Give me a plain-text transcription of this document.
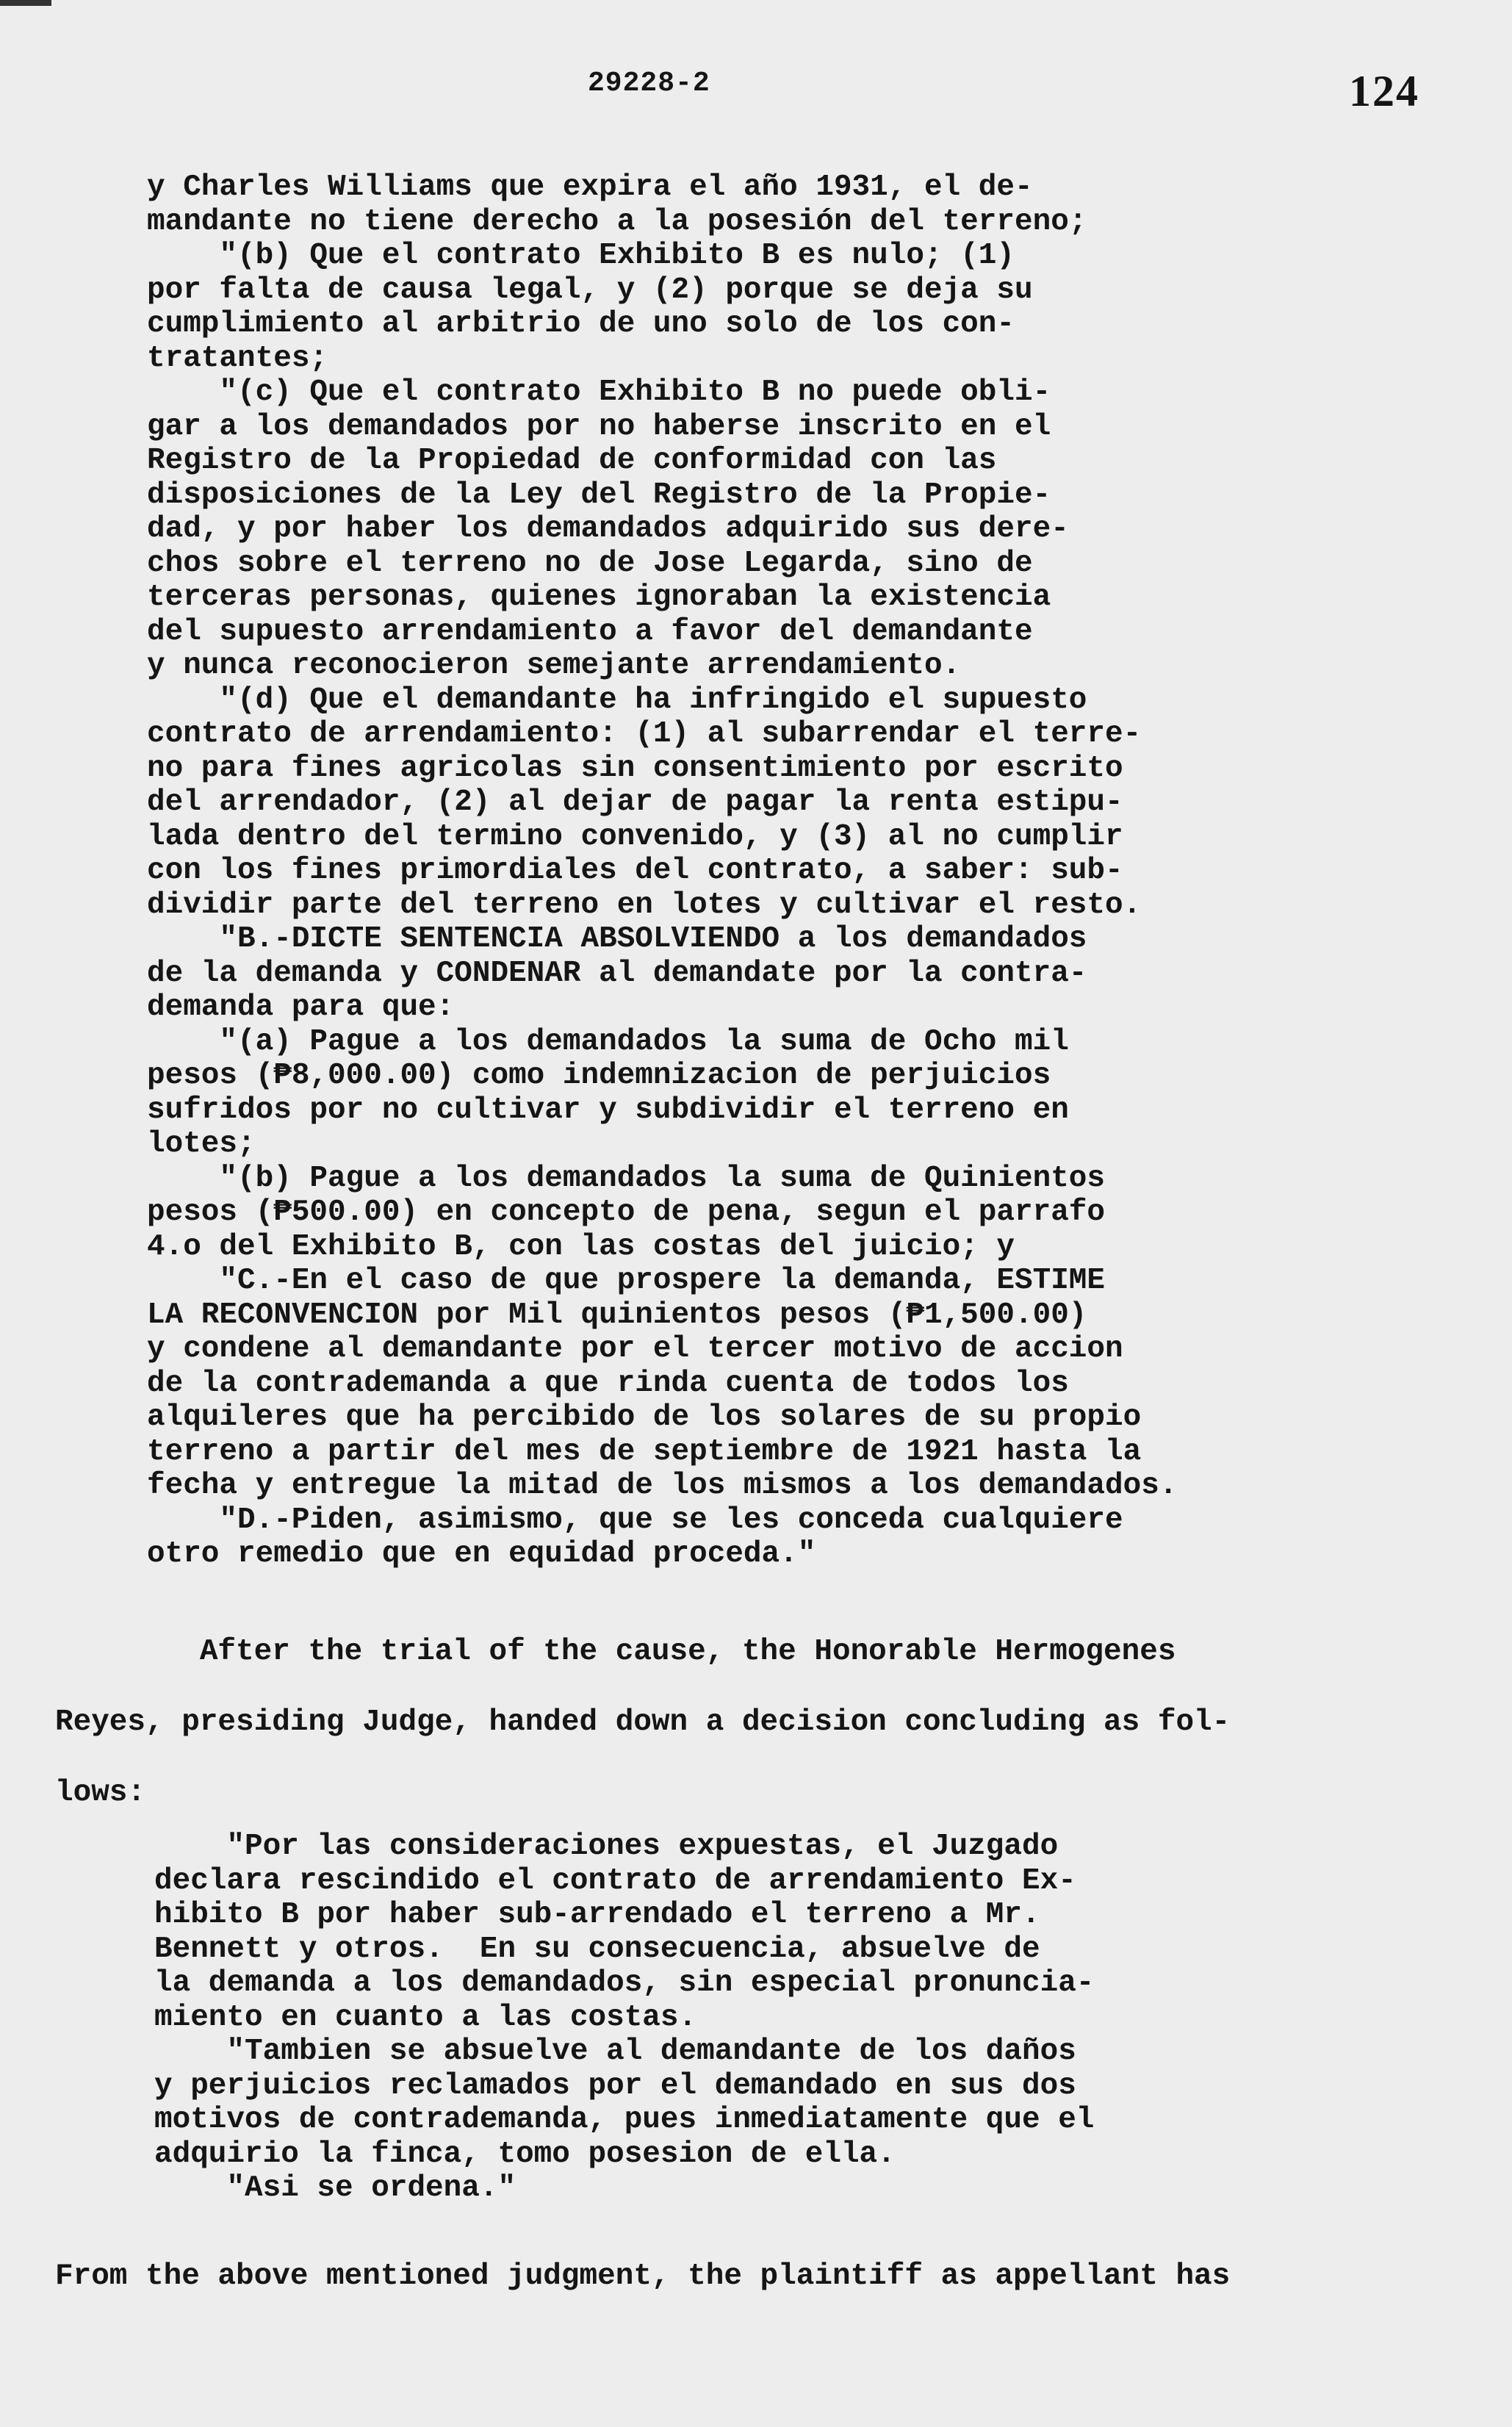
29228-2	124
y Charles Williams que expira el año 1931, el de-
mandante no tiene derecho a la posesión del terreno;
"(b) Que el contrato Exhibito B es nulo; (1)
por falta de causa legal, y (2) porque se deja su
cumplimiento al arbitrio de uno solo de los con-
tratantes;
"(c) Que el contrato Exhibito B no puede obli-
gar a los demandados por no haberse inscrito en el
Registro de la Propiedad de conformidad con las
disposiciones de la Ley del Registro de la Propie-
dad, y por haber los demandados adquirido sus dere-
chos sobre el terreno no de Jose Legarda, sino de
terceras personas, quienes ignoraban la existencia
del supuesto arrendamiento a favor del demandante
y nunca reconocieron semejante arrendamiento.
"(d) Que el demandante ha infringido el supuesto
contrato de arrendamiento: (1) al subarrendar el terre-
no para fines agricolas sin consentimiento por escrito
del arrendador, (2) al dejar de pagar la renta estipu-
lada dentro del termino convenido, y (3) al no cumplir
con los fines primordiales del contrato, a saber: sub-
dividir parte del terreno en lotes y cultivar el resto.
"B.-DICTE SENTENCIA ABSOLVIENDO a los demandados
de la demanda y CONDENAR al demandate por la contra-
demanda para que:
"(a) Pague a los demandados la suma de Ocho mil
pesos (₱8,000.00) como indemnizacion de perjuicios
sufridos por no cultivar y subdividir el terreno en
lotes;
"(b) Pague a los demandados la suma de Quinientos
pesos (₱500.00) en concepto de pena, segun el parrafo
4.o del Exhibito B, con las costas del juicio; y
"C.-En el caso de que prospere la demanda, ESTIME
LA RECONVENCION por Mil quinientos pesos (₱1,500.00)
y condene al demandante por el tercer motivo de accion
de la contrademanda a que rinda cuenta de todos los
alquileres que ha percibido de los solares de su propio
terreno a partir del mes de septiembre de 1921 hasta la
fecha y entregue la mitad de los mismos a los demandados.
"D.-Piden, asimismo, que se les conceda cualquiere
otro remedio que en equidad proceda."
After the trial of the cause, the Honorable Hermogenes
Reyes, presiding Judge, handed down a decision concluding as fol-
lows:
"Por las consideraciones expuestas, el Juzgado
declara rescindido el contrato de arrendamiento Ex-
hibito B por haber sub-arrendado el terreno a Mr.
Bennett y otros.  En su consecuencia, absuelve de
la demanda a los demandados, sin especial pronuncia-
miento en cuanto a las costas.
"Tambien se absuelve al demandante de los daños
y perjuicios reclamados por el demandado en sus dos
motivos de contrademanda, pues inmediatamente que el
adquirio la finca, tomo posesion de ella.
"Asi se ordena."
From the above mentioned judgment, the plaintiff as appellant has
